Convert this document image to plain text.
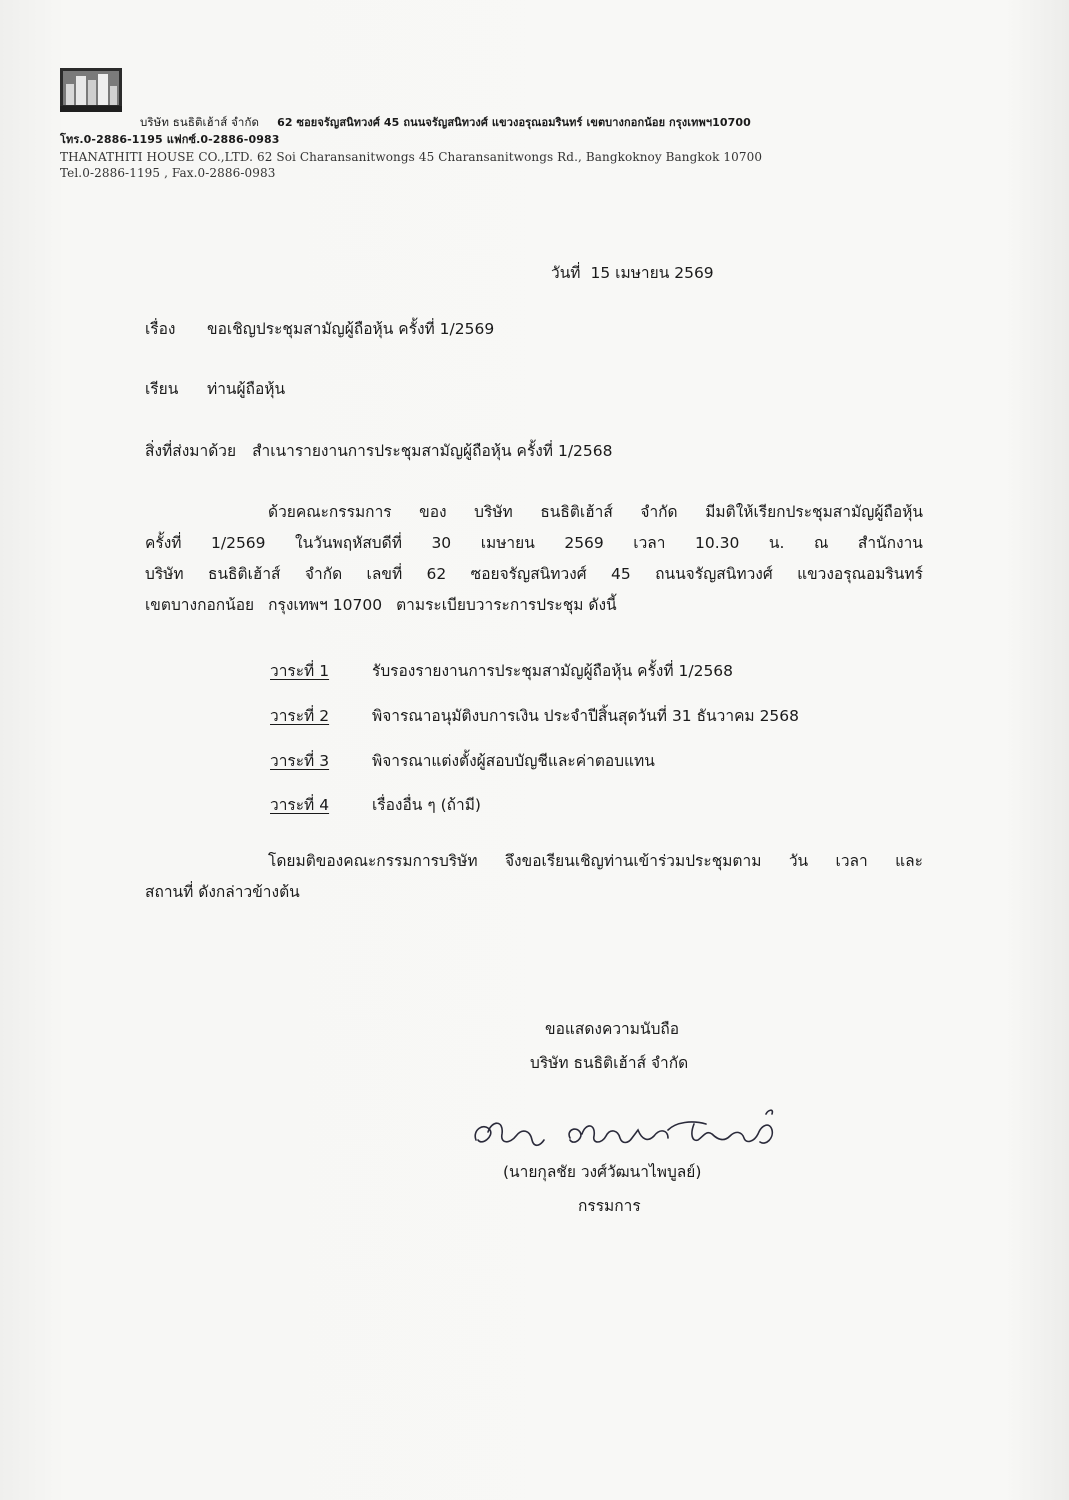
บริษัท ธนธิติเฮ้าส์ จำกัด 62 ซอยจรัญสนิทวงศ์ 45 ถนนจรัญสนิทวงศ์ แขวงอรุณอมรินทร์ เขตบางกอกน้อย กรุงเทพฯ10700
โทร.0-2886-1195 แฟกซ์.0-2886-0983
THANATHITI HOUSE CO.,LTD. 62 Soi Charansanitwongs 45 Charansanitwongs Rd., Bangkoknoy Bangkok 10700
Tel.0-2886-1195 , Fax.0-2886-0983
วันที่ 15 เมษายน 2569
เรื่อง ขอเชิญประชุมสามัญผู้ถือหุ้น ครั้งที่ 1/2569
เรียน ท่านผู้ถือหุ้น
สิ่งที่ส่งมาด้วย สำเนารายงานการประชุมสามัญผู้ถือหุ้น ครั้งที่ 1/2568
ด้วยคณะกรรมการ ของ บริษัท ธนธิติเฮ้าส์ จำกัด มีมติให้เรียกประชุมสามัญผู้ถือหุ้น
ครั้งที่ 1/2569 ในวันพฤหัสบดีที่ 30 เมษายน 2569 เวลา 10.30 น. ณ สำนักงาน
บริษัท ธนธิติเฮ้าส์ จำกัด เลขที่ 62 ซอยจรัญสนิทวงศ์ 45 ถนนจรัญสนิทวงศ์ แขวงอรุณอมรินทร์
เขตบางกอกน้อย กรุงเทพฯ 10700 ตามระเบียบวาระการประชุม ดังนี้
วาระที่ 1	รับรองรายงานการประชุมสามัญผู้ถือหุ้น ครั้งที่ 1/2568
วาระที่ 2	พิจารณาอนุมัติงบการเงิน ประจำปีสิ้นสุดวันที่ 31 ธันวาคม 2568
วาระที่ 3	พิจารณาแต่งตั้งผู้สอบบัญชีและค่าตอบแทน
วาระที่ 4	เรื่องอื่น ๆ (ถ้ามี)
โดยมติของคณะกรรมการบริษัท จึงขอเรียนเชิญท่านเข้าร่วมประชุมตาม วัน เวลา และ
สถานที่ ดังกล่าวข้างต้น
ขอแสดงความนับถือ
บริษัท ธนธิติเฮ้าส์ จำกัด
(นายกุลชัย วงศ์วัฒนาไพบูลย์)
กรรมการ
